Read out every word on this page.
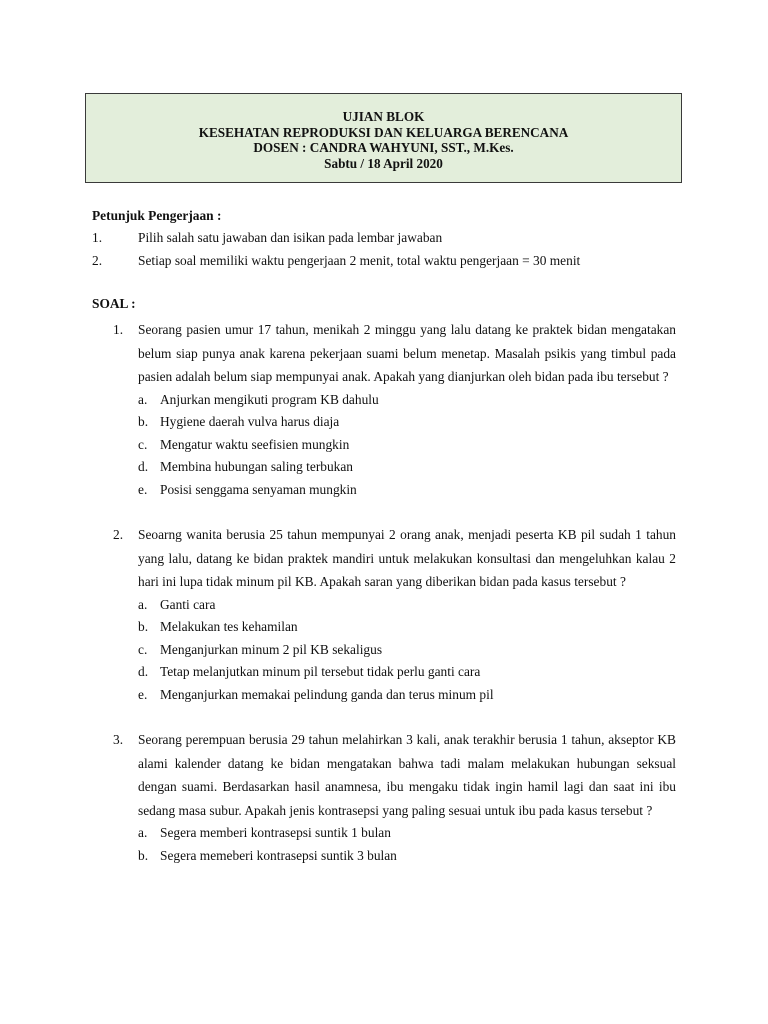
UJIAN BLOK
KESEHATAN REPRODUKSI DAN KELUARGA BERENCANA
DOSEN : CANDRA WAHYUNI, SST., M.Kes.
Sabtu / 18 April 2020
Petunjuk Pengerjaan :
1.	Pilih salah satu jawaban dan isikan pada lembar jawaban
2.	Setiap soal memiliki waktu pengerjaan 2 menit, total waktu pengerjaan = 30 menit
SOAL :
1.	Seorang pasien umur 17 tahun, menikah 2 minggu yang lalu datang ke praktek bidan mengatakan belum siap punya anak karena pekerjaan suami belum menetap. Masalah psikis yang timbul pada pasien adalah belum siap mempunyai anak. Apakah yang dianjurkan oleh bidan pada ibu tersebut ?
a. Anjurkan mengikuti program KB dahulu
b. Hygiene daerah vulva harus diaja
c. Mengatur waktu seefisien mungkin
d. Membina hubungan saling terbukan
e. Posisi senggama senyaman mungkin
2.	Seoarng wanita berusia 25 tahun mempunyai 2 orang anak, menjadi peserta KB pil sudah 1 tahun yang lalu, datang ke bidan praktek mandiri untuk melakukan konsultasi dan mengeluhkan kalau 2 hari ini lupa tidak minum pil KB. Apakah saran yang diberikan bidan pada kasus tersebut ?
a. Ganti cara
b. Melakukan tes kehamilan
c. Menganjurkan minum 2 pil KB sekaligus
d. Tetap melanjutkan minum pil tersebut tidak perlu ganti cara
e. Menganjurkan memakai pelindung ganda dan terus minum pil
3.	Seorang perempuan berusia 29 tahun melahirkan 3 kali, anak terakhir berusia 1 tahun, akseptor KB alami kalender datang ke bidan mengatakan bahwa tadi malam melakukan hubungan seksual dengan suami. Berdasarkan hasil anamnesa, ibu mengaku tidak ingin hamil lagi dan saat ini ibu sedang masa subur. Apakah jenis kontrasepsi yang paling sesuai untuk ibu pada kasus tersebut ?
a. Segera memberi kontrasepsi suntik 1 bulan
b. Segera memeberi kontrasepsi suntik 3 bulan
